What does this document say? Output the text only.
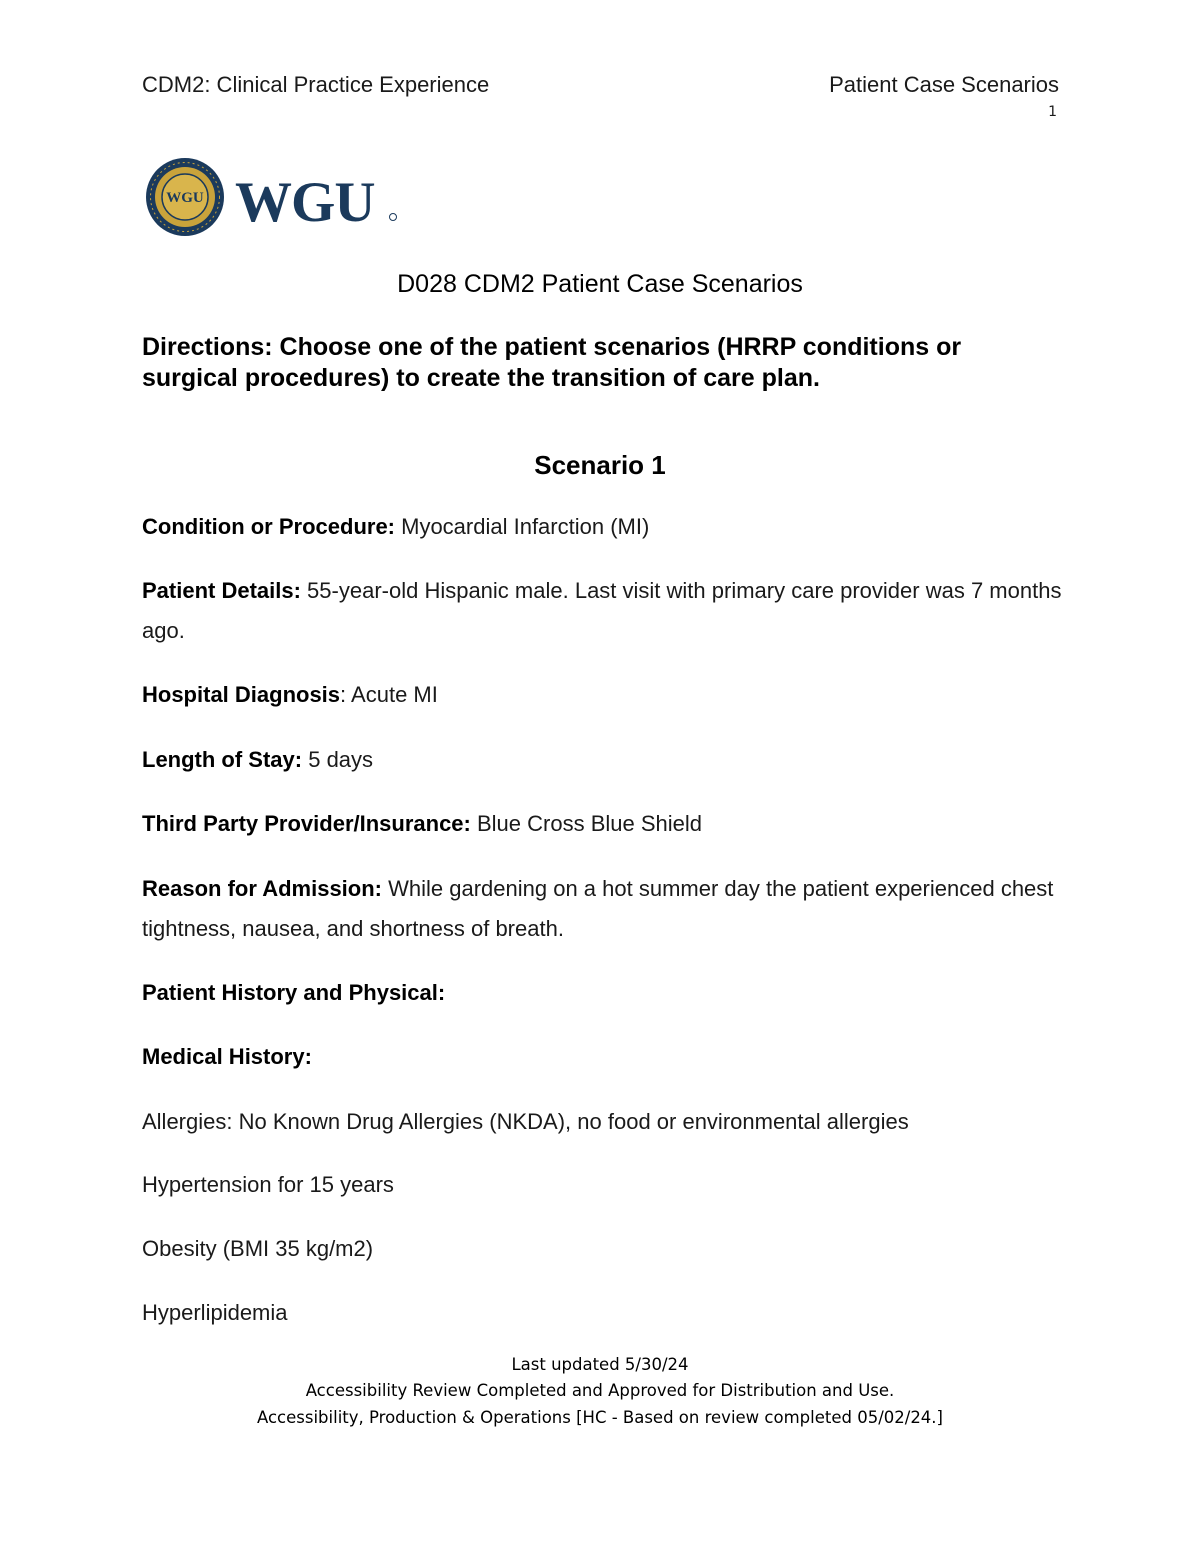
CDM2: Clinical Practice Experience	Patient Case Scenarios
1
WGU WGU
D028 CDM2 Patient Case Scenarios
Directions: Choose one of the patient scenarios (HRRP conditions or surgical procedures) to create the transition of care plan.
Scenario 1
Condition or Procedure: Myocardial Infarction (MI)
Patient Details: 55-year-old Hispanic male. Last visit with primary care provider was 7 months ago.
Hospital Diagnosis: Acute MI
Length of Stay: 5 days
Third Party Provider/Insurance: Blue Cross Blue Shield
Reason for Admission: While gardening on a hot summer day the patient experienced chest tightness, nausea, and shortness of breath.
Patient History and Physical:
Medical History:
Allergies: No Known Drug Allergies (NKDA), no food or environmental allergies
Hypertension for 15 years
Obesity (BMI 35 kg/m2)
Hyperlipidemia
Last updated 5/30/24
Accessibility Review Completed and Approved for Distribution and Use.
Accessibility, Production & Operations [HC - Based on review completed 05/02/24.]
